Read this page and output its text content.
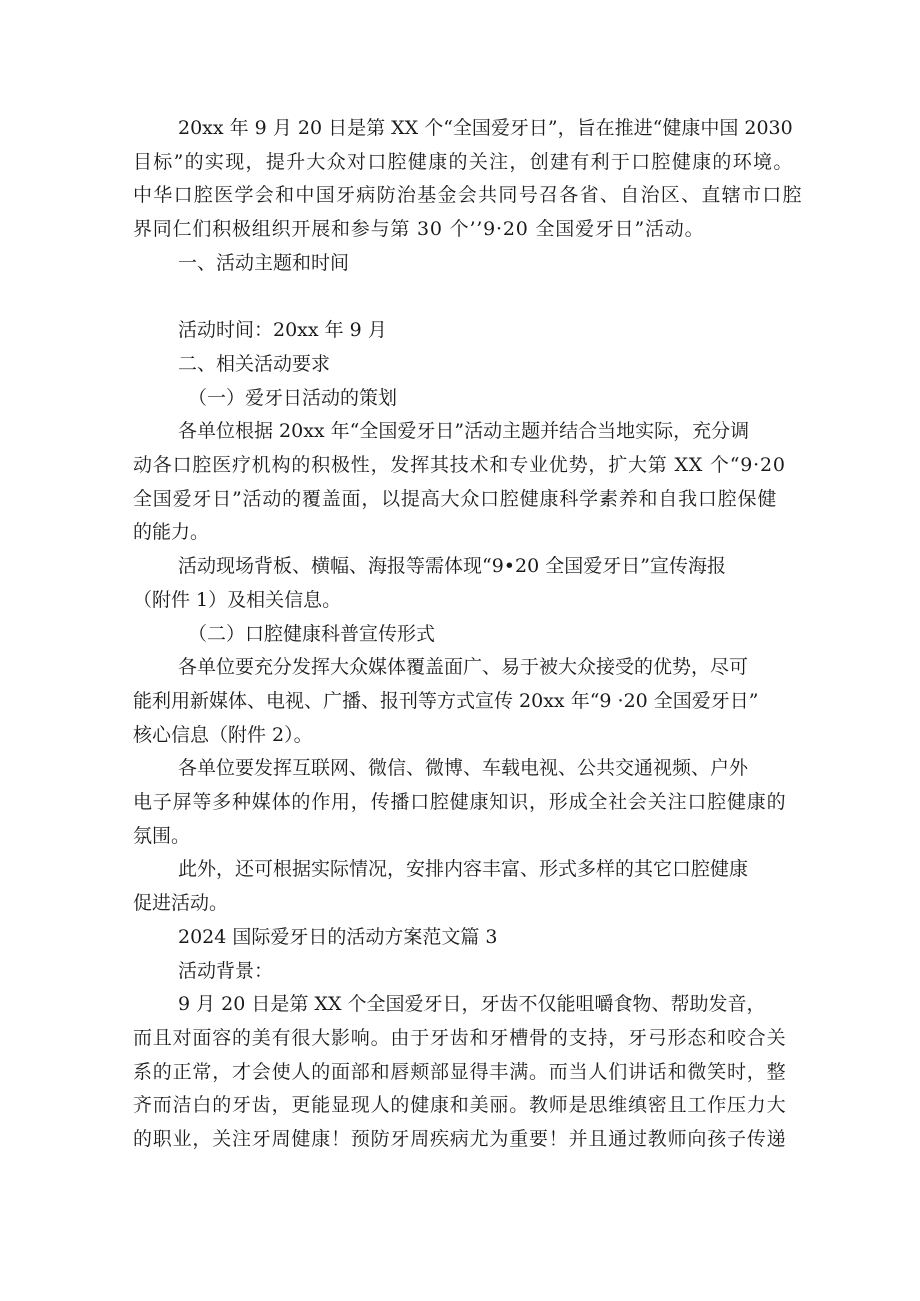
20xx 年 9 月 20 日是第 XX 个“全国爱牙日”，旨在推进“健康中国 2030

目标”的实现，提升大众对口腔健康的关注，创建有利于口腔健康的环境。

中华口腔医学会和中国牙病防治基金会共同号召各省、自治区、直辖市口腔

界同仁们积极组织开展和参与第 30 个’’9·20 全国爱牙日”活动。

一、活动主题和时间

活动时间：20xx 年 9 月

二、相关活动要求

（一）爱牙日活动的策划

各单位根据 20xx 年“全国爱牙日”活动主题并结合当地实际，充分调

动各口腔医疗机构的积极性，发挥其技术和专业优势，扩大第 XX 个“9·20

全国爱牙日”活动的覆盖面，以提高大众口腔健康科学素养和自我口腔保健

的能力。

活动现场背板、横幅、海报等需体现“9•20 全国爱牙日”宣传海报

（附件 1）及相关信息。

（二）口腔健康科普宣传形式

各单位要充分发挥大众媒体覆盖面广、易于被大众接受的优势，尽可

能利用新媒体、电视、广播、报刊等方式宣传 20xx 年“9 ·20 全国爱牙日”

核心信息（附件 2）。

各单位要发挥互联网、微信、微博、车载电视、公共交通视频、户外

电子屏等多种媒体的作用，传播口腔健康知识，形成全社会关注口腔健康的

氛围。

此外，还可根据实际情况，安排内容丰富、形式多样的其它口腔健康

促进活动。

2024 国际爱牙日的活动方案范文篇 3

活动背景：

9 月 20 日是第 XX 个全国爱牙日，牙齿不仅能咀嚼食物、帮助发音，

而且对面容的美有很大影响。由于牙齿和牙槽骨的支持，牙弓形态和咬合关

系的正常，才会使人的面部和唇颊部显得丰满。而当人们讲话和微笑时，整

齐而洁白的牙齿，更能显现人的健康和美丽。教师是思维缜密且工作压力大

的职业，关注牙周健康！预防牙周疾病尤为重要！并且通过教师向孩子传递
